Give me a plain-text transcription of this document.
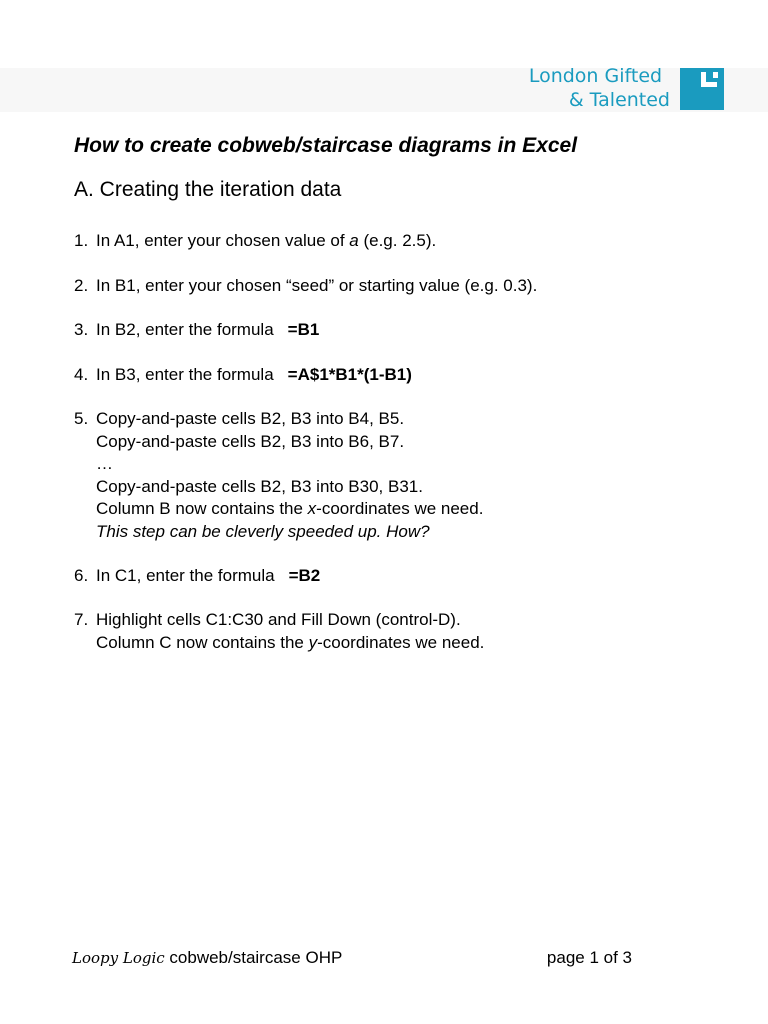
London Gifted
& Talented
How to create cobweb/staircase diagrams in Excel
A. Creating the iteration data
1. In A1, enter your chosen value of a (e.g. 2.5).
2. In B1, enter your chosen “seed” or starting value (e.g. 0.3).
3. In B2, enter the formula =B1
4. In B3, enter the formula =A$1*B1*(1-B1)
5. Copy-and-paste cells B2, B3 into B4, B5.
Copy-and-paste cells B2, B3 into B6, B7.
…
Copy-and-paste cells B2, B3 into B30, B31.
Column B now contains the x-coordinates we need.
This step can be cleverly speeded up. How?
6. In C1, enter the formula =B2
7. Highlight cells C1:C30 and Fill Down (control-D).
Column C now contains the y-coordinates we need.
Loopy Logic cobweb/staircase OHP	page 1 of 3
